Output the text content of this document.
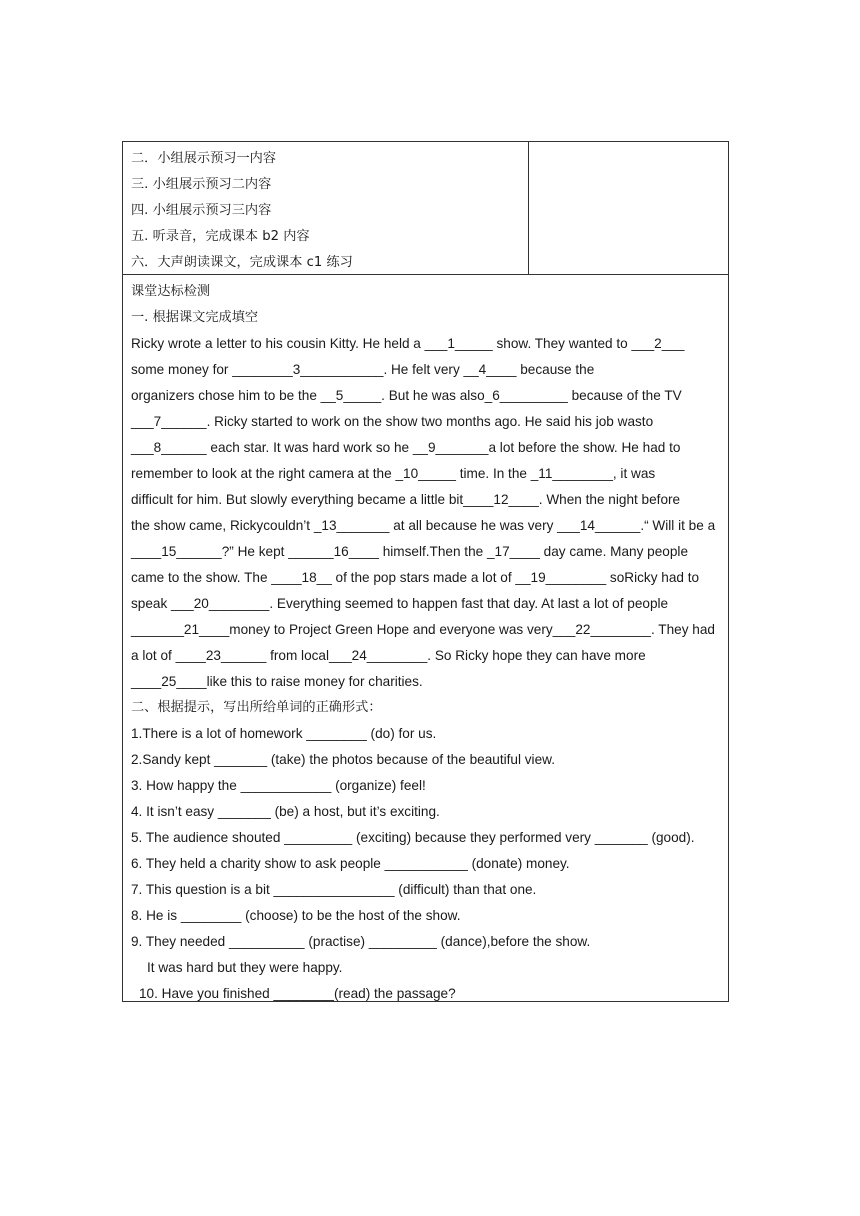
二．小组展示预习一内容
三. 小组展示预习二内容
四. 小组展示预习三内容
五. 听录音，完成课本 b2 内容
六．大声朗读课文，完成课本 c1 练习

课堂达标检测
一. 根据课文完成填空
Ricky wrote a letter to his cousin Kitty. He held a ___1_____ show. They wanted to ___2___
some money for ________3___________. He felt very __4____ because the
organizers chose him to be the __5_____. But he was also_6_________ because of the TV
___7______. Ricky started to work on the show two months ago. He said his job wasto
___8______ each star. It was hard work so he __9_______a lot before the show. He had to
remember to look at the right camera at the _10_____ time. In the _11________, it was
difficult for him. But slowly everything became a little bit____12____. When the night before
the show came, Rickycouldn’t _13_______ at all because he was very ___14______.“ Will it be a
____15______?” He kept ______16____ himself.Then the _17____ day came. Many people
came to the show. The ____18__ of the pop stars made a lot of __19________ soRicky had to
speak ___20________. Everything seemed to happen fast that day. At last a lot of people
_______21____money to Project Green Hope and everyone was very___22________. They had
a lot of ____23______ from local___24________. So Ricky hope they can have more
____25____like this to raise money for charities.
二、根据提示，写出所给单词的正确形式：
1.There is a lot of homework ________ (do) for us.
2.Sandy kept _______ (take) the photos because of the beautiful view.
3. How happy the ____________ (organize) feel!
4. It isn’t easy _______ (be) a host, but it’s exciting.
5. The audience shouted _________ (exciting) because they performed very _______ (good).
6. They held a charity show to ask people ___________ (donate) money.
7. This question is a bit ________________ (difficult) than that one.
8. He is ________ (choose) to be the host of the show.
9. They needed __________ (practise) _________ (dance),before the show.
It was hard but they were happy.
10. Have you finished ________(read) the passage?
